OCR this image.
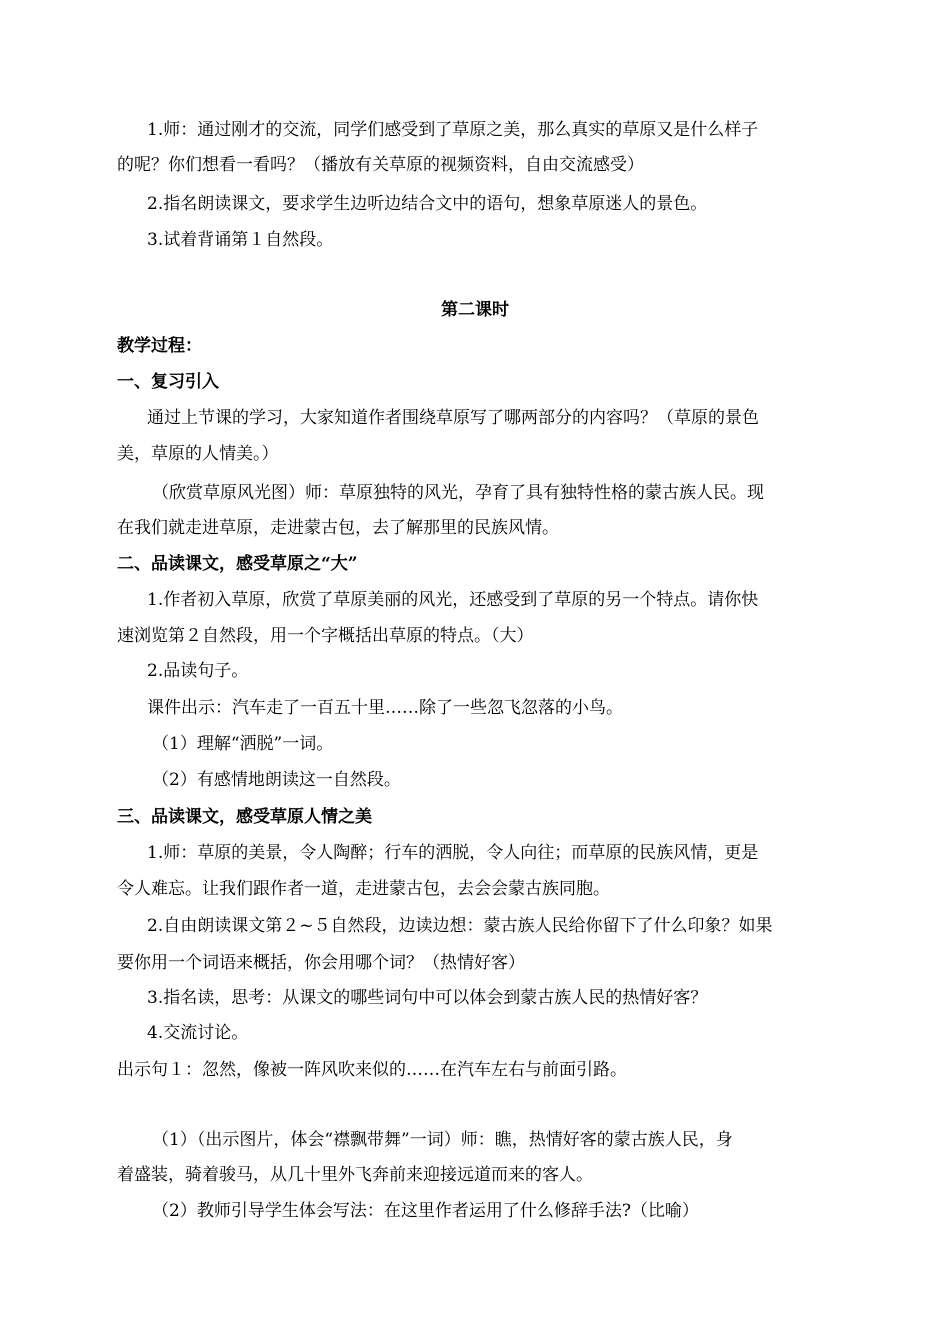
1.师：通过刚才的交流，同学们感受到了草原之美，那么真实的草原又是什么样子
的呢？你们想看一看吗？（播放有关草原的视频资料，自由交流感受）
2.指名朗读课文，要求学生边听边结合文中的语句，想象草原迷人的景色。
3.试着背诵第１自然段。
第二课时
教学过程：
一、复习引入
通过上节课的学习，大家知道作者围绕草原写了哪两部分的内容吗？（草原的景色
美，草原的人情美。）
（欣赏草原风光图）师：草原独特的风光，孕育了具有独特性格的蒙古族人民。现
在我们就走进草原，走进蒙古包，去了解那里的民族风情。
二、品读课文，感受草原之“大”
1.作者初入草原，欣赏了草原美丽的风光，还感受到了草原的另一个特点。请你快
速浏览第２自然段，用一个字概括出草原的特点。（大）
2.品读句子。
课件出示：汽车走了一百五十里……除了一些忽飞忽落的小鸟。
（1）理解“洒脱”一词。
（2）有感情地朗读这一自然段。
三、品读课文，感受草原人情之美
1.师：草原的美景，令人陶醉；行车的洒脱，令人向往；而草原的民族风情，更是
令人难忘。让我们跟作者一道，走进蒙古包，去会会蒙古族同胞。
2.自由朗读课文第２~５自然段，边读边想：蒙古族人民给你留下了什么印象？如果
要你用一个词语来概括，你会用哪个词？（热情好客）
3.指名读，思考：从课文的哪些词句中可以体会到蒙古族人民的热情好客？
4.交流讨论。
出示句１：忽然，像被一阵风吹来似的……在汽车左右与前面引路。
（1）（出示图片，体会“襟飘带舞”一词）师：瞧，热情好客的蒙古族人民，身
着盛装，骑着骏马，从几十里外飞奔前来迎接远道而来的客人。
（2）教师引导学生体会写法：在这里作者运用了什么修辞手法?（比喻）
